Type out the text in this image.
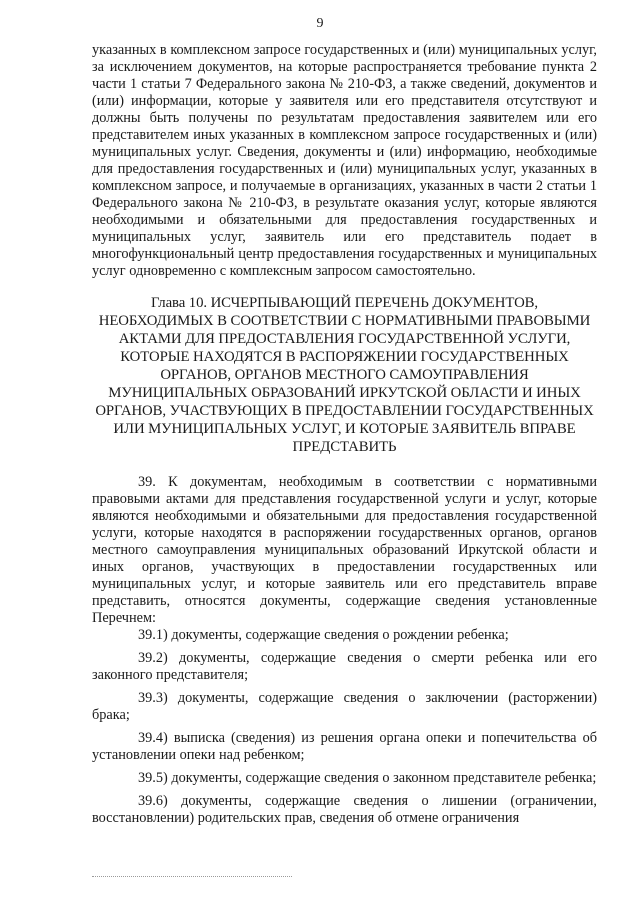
9

указанных в комплексном запросе государственных и (или) муниципальных услуг, за исключением документов, на которые распространяется требование пункта 2 части 1 статьи 7 Федерального закона № 210-ФЗ, а также сведений, документов и (или) информации, которые у заявителя или его представителя отсутствуют и должны быть получены по результатам предоставления заявителем или его представителем иных указанных в комплексном запросе государственных и (или) муниципальных услуг. Сведения, документы и (или) информацию, необходимые для предоставления государственных и (или) муниципальных услуг, указанных в комплексном запросе, и получаемые в организациях, указанных в части 2 статьи 1 Федерального закона № 210-ФЗ, в результате оказания услуг, которые являются необходимыми и обязательными для предоставления государственных и муниципальных услуг, заявитель или его представитель подает в многофункциональный центр предоставления государственных и муниципальных услуг одновременно с комплексным запросом самостоятельно.

Глава 10. ИСЧЕРПЫВАЮЩИЙ ПЕРЕЧЕНЬ ДОКУМЕНТОВ, НЕОБХОДИМЫХ В СООТВЕТСТВИИ С НОРМАТИВНЫМИ ПРАВОВЫМИ АКТАМИ ДЛЯ ПРЕДОСТАВЛЕНИЯ ГОСУДАРСТВЕННОЙ УСЛУГИ, КОТОРЫЕ НАХОДЯТСЯ В РАСПОРЯЖЕНИИ ГОСУДАРСТВЕННЫХ ОРГАНОВ, ОРГАНОВ МЕСТНОГО САМОУПРАВЛЕНИЯ МУНИЦИПАЛЬНЫХ ОБРАЗОВАНИЙ ИРКУТСКОЙ ОБЛАСТИ И ИНЫХ ОРГАНОВ, УЧАСТВУЮЩИХ В ПРЕДОСТАВЛЕНИИ ГОСУДАРСТВЕННЫХ ИЛИ МУНИЦИПАЛЬНЫХ УСЛУГ, И КОТОРЫЕ ЗАЯВИТЕЛЬ ВПРАВЕ ПРЕДСТАВИТЬ

39. К документам, необходимым в соответствии с нормативными правовыми актами для представления государственной услуги и услуг, которые являются необходимыми и обязательными для предоставления государственной услуги, которые находятся в распоряжении государственных органов, органов местного самоуправления муниципальных образований Иркутской области и иных органов, участвующих в предоставлении государственных или муниципальных услуг, и которые заявитель или его представитель вправе представить, относятся документы, содержащие сведения установленные Перечнем:

39.1) документы, содержащие сведения о рождении ребенка;

39.2) документы, содержащие сведения о смерти ребенка или его законного представителя;

39.3) документы, содержащие сведения о заключении (расторжении) брака;

39.4) выписка (сведения) из решения органа опеки и попечительства об установлении опеки над ребенком;

39.5) документы, содержащие сведения о законном представителе ребенка;

39.6) документы, содержащие сведения о лишении (ограничении, восстановлении) родительских прав, сведения об отмене ограничения
